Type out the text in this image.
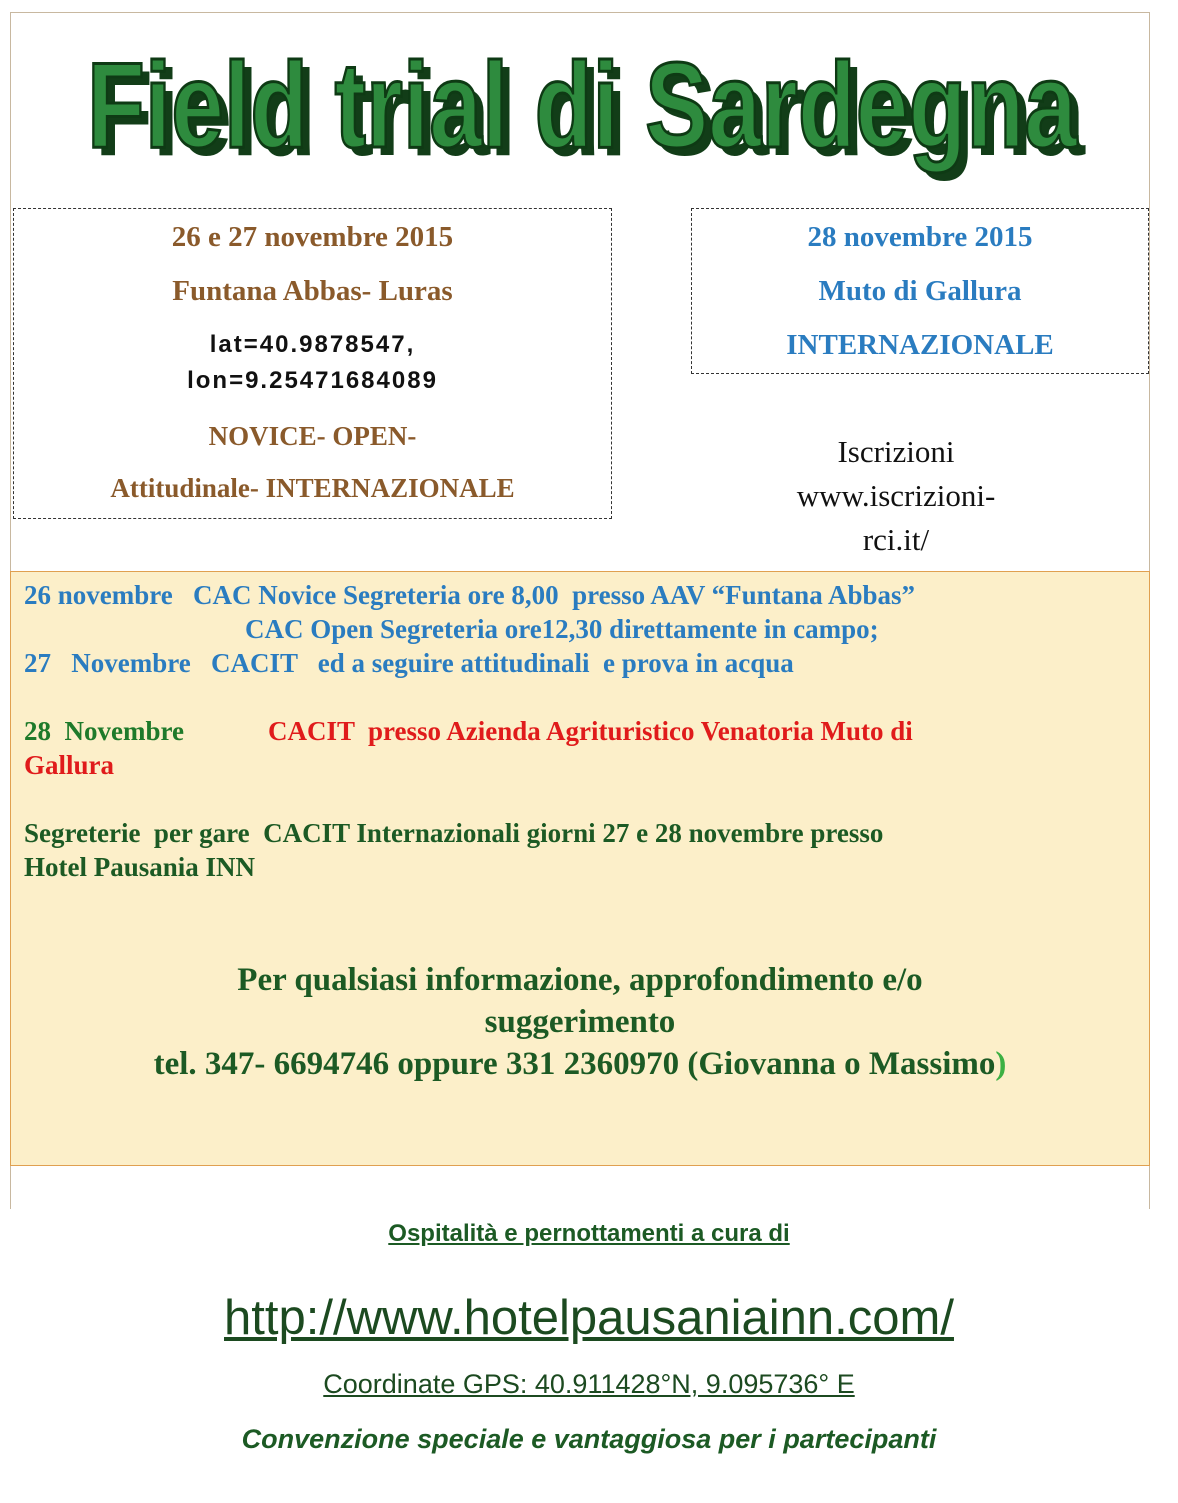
Field trial di Sardegna
Field trial di Sardegna
26 e 27 novembre 2015
Funtana Abbas- Luras
lat=40.9878547,
lon=9.25471684089
NOVICE- OPEN-
Attitudinale- INTERNAZIONALE
28 novembre 2015
Muto di Gallura
INTERNAZIONALE
Iscrizioni
www.iscrizioni-
rci.it/
26 novembre   CAC Novice Segreteria ore 8,00  presso AAV “Funtana Abbas”
CAC Open Segreteria ore12,30 direttamente in campo;
27   Novembre   CACIT   ed a seguire attitudinali  e prova in acqua
28  Novembre	CACIT  presso Azienda Agrituristico Venatoria Muto di
Gallura
Segreterie  per gare  CACIT Internazionali giorni 27 e 28 novembre presso
Hotel Pausania INN
Per qualsiasi informazione, approfondimento e/o
suggerimento
tel. 347- 6694746 oppure 331 2360970 (Giovanna o Massimo)
Ospitalità e pernottamenti a cura di
http://www.hotelpausaniainn.com/
Coordinate GPS: 40.911428°N, 9.095736° E
Convenzione speciale e vantaggiosa per i partecipanti
